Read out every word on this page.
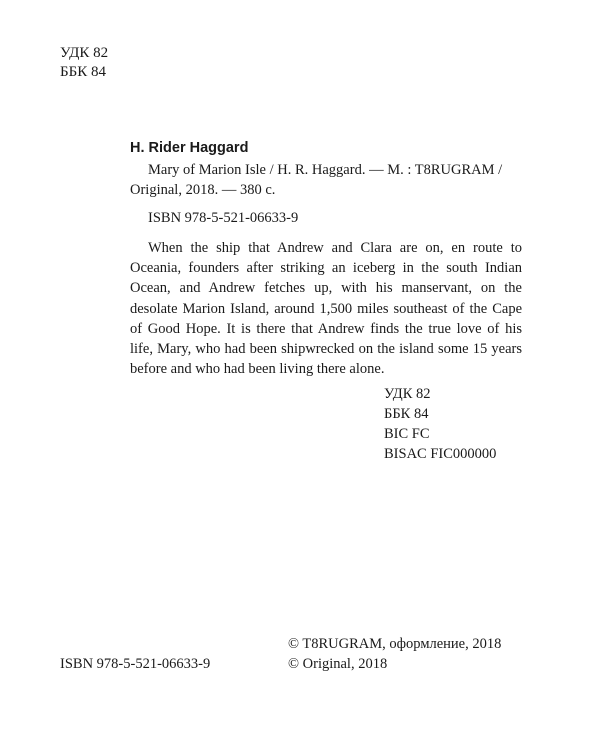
УДК 82
ББК 84
H. Rider Haggard
Mary of Marion Isle / H. R. Haggard. — M. : T8RUGRAM /
Original, 2018. — 380 c.
ISBN 978-5-521-06633-9
When the ship that Andrew and Clara are on, en route to
Oceania, founders after striking an iceberg in the south Indian
Ocean, and Andrew fetches up, with his manservant, on the
desolate Marion Island, around 1,500 miles southeast of the Cape
of Good Hope. It is there that Andrew finds the true love of his
life, Mary, who had been shipwrecked on the island some 15 years
before and who had been living there alone.
УДК 82
ББК 84
BIC FC
BISAC FIC000000
ISBN 978-5-521-06633-9
© T8RUGRAM, оформление, 2018
© Original, 2018
